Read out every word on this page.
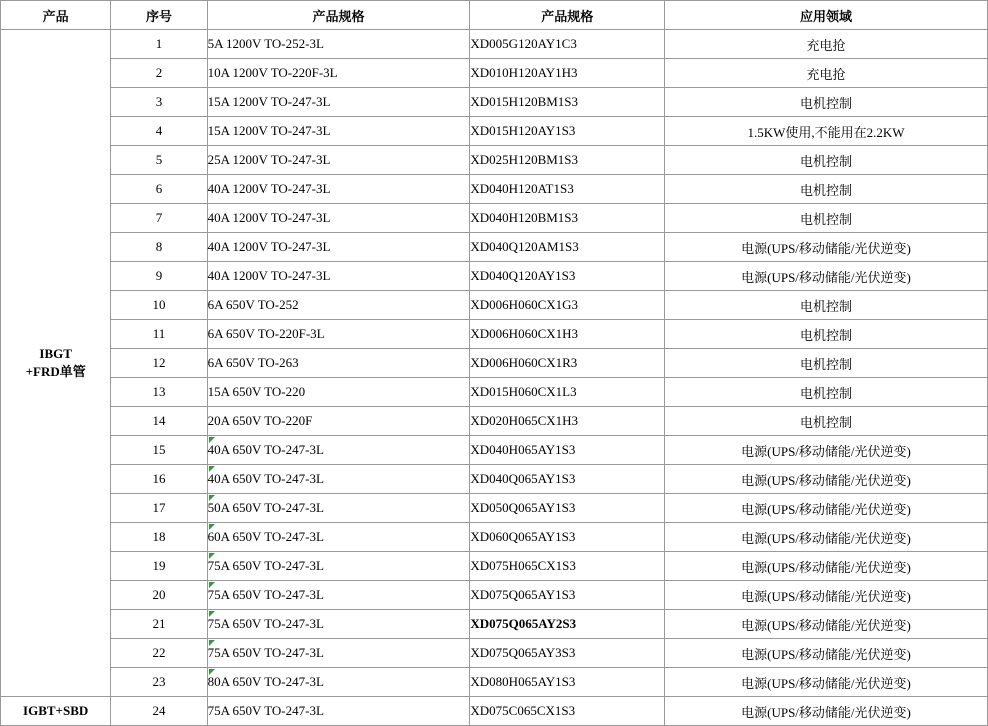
产品	序号	产品规格	产品规格	应用领域
IBGT
+FRD单管	1	5A 1200V TO-252-3L	XD005G120AY1C3	充电抢
	2	10A 1200V TO-220F-3L	XD010H120AY1H3	充电抢
	3	15A 1200V TO-247-3L	XD015H120BM1S3	电机控制
	4	15A 1200V TO-247-3L	XD015H120AY1S3	1.5KW使用,不能用在2.2KW
	5	25A 1200V TO-247-3L	XD025H120BM1S3	电机控制
	6	40A 1200V TO-247-3L	XD040H120AT1S3	电机控制
	7	40A 1200V TO-247-3L	XD040H120BM1S3	电机控制
	8	40A 1200V TO-247-3L	XD040Q120AM1S3	电源(UPS/移动储能/光伏逆变)
	9	40A 1200V TO-247-3L	XD040Q120AY1S3	电源(UPS/移动储能/光伏逆变)
	10	6A 650V TO-252	XD006H060CX1G3	电机控制
	11	6A 650V TO-220F-3L	XD006H060CX1H3	电机控制
	12	6A 650V TO-263	XD006H060CX1R3	电机控制
	13	15A 650V TO-220	XD015H060CX1L3	电机控制
	14	20A 650V TO-220F	XD020H065CX1H3	电机控制
	15	40A 650V TO-247-3L	XD040H065AY1S3	电源(UPS/移动储能/光伏逆变)
	16	40A 650V TO-247-3L	XD040Q065AY1S3	电源(UPS/移动储能/光伏逆变)
	17	50A 650V TO-247-3L	XD050Q065AY1S3	电源(UPS/移动储能/光伏逆变)
	18	60A 650V TO-247-3L	XD060Q065AY1S3	电源(UPS/移动储能/光伏逆变)
	19	75A 650V TO-247-3L	XD075H065CX1S3	电源(UPS/移动储能/光伏逆变)
	20	75A 650V TO-247-3L	XD075Q065AY1S3	电源(UPS/移动储能/光伏逆变)
	21	75A 650V TO-247-3L	XD075Q065AY2S3	电源(UPS/移动储能/光伏逆变)
	22	75A 650V TO-247-3L	XD075Q065AY3S3	电源(UPS/移动储能/光伏逆变)
	23	80A 650V TO-247-3L	XD080H065AY1S3	电源(UPS/移动储能/光伏逆变)
IGBT+SBD	24	75A 650V TO-247-3L	XD075C065CX1S3	电源(UPS/移动储能/光伏逆变)
